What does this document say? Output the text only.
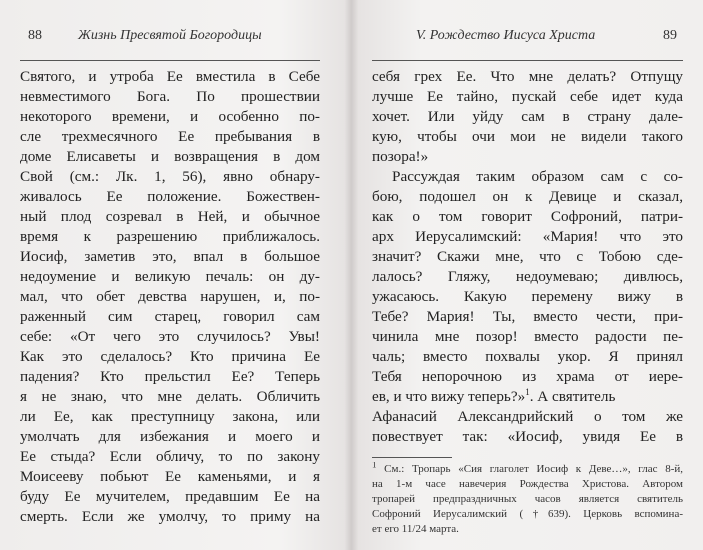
88	Жизнь Пресвятой Богородицы
Святого, и утроба Ее вместила в Себе
невместимого Бога. По прошествии
некоторого времени, и особенно по-
сле трехмесячного Ее пребывания в
доме Елисаветы и возвращения в дом
Свой (см.: Лк. 1, 56), явно обнару-
живалось Ее положение. Божествен-
ный плод созревал в Ней, и обычное
время к разрешению приближалось.
Иосиф, заметив это, впал в большое
недоумение и великую печаль: он ду-
мал, что обет девства нарушен, и, по-
раженный сим старец, говорил сам
себе: «От чего это случилось? Увы!
Как это сделалось? Кто причина Ее
падения? Кто прельстил Ее? Теперь
я не знаю, что мне делать. Обличить
ли Ее, как преступницу закона, или
умолчать для избежания и моего и
Ее стыда? Если обличу, то по закону
Моисееву побьют Ее каменьями, и я
буду Ее мучителем, предавшим Ее на
смерть. Если же умолчу, то приму на
V. Рождество Иисуса Христа	89
себя грех Ее. Что мне делать? Отпущу
лучше Ее тайно, пускай себе идет куда
хочет. Или уйду сам в страну дале-
кую, чтобы очи мои не видели такого
позора!»
Рассуждая таким образом сам с со-
бою, подошел он к Девице и сказал,
как о том говорит Софроний, патри-
арх Иерусалимский: «Мария! что это
значит? Скажи мне, что с Тобою сде-
лалось? Гляжу, недоумеваю; дивлюсь,
ужасаюсь. Какую перемену вижу в
Тебе? Мария! Ты, вместо чести, при-
чинила мне позор! вместо радости пе-
чаль; вместо похвалы укор. Я принял
Тебя непорочною из храма от иере-
ев, и что вижу теперь?»$^1$. А святитель
Афанасий Александрийский о том же
повествует так: «Иосиф, увидя Ее в
$^1$ См.: Тропарь «Сия глаголет Иосиф к Деве…», глас 8-й,
на 1-м часе навечерия Рождества Христова. Автором
тропарей предпраздничных часов является святитель
Софроний Иерусалимский (†639). Церковь вспомина-
ет его 11/24 марта.
